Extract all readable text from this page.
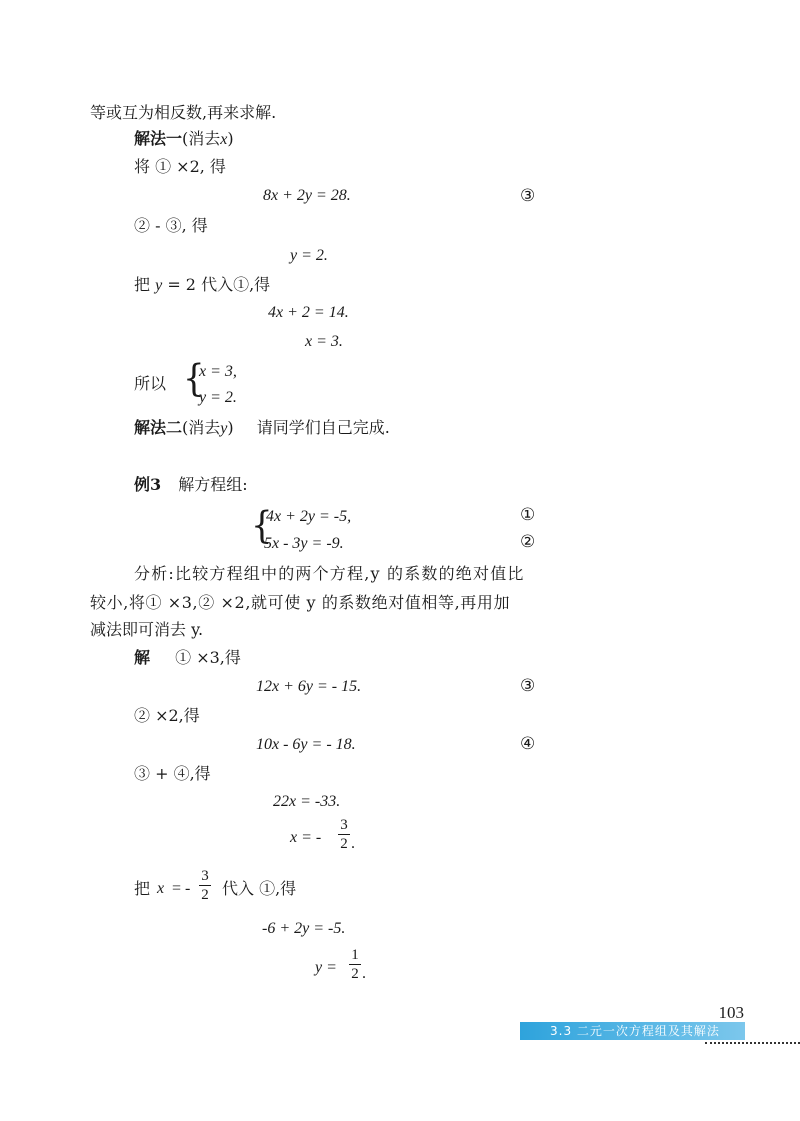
等或互为相反数,再来求解.
解法一(消去x)
将 ① ×2, 得
8x + 2y = 28.	③
② - ③, 得
y = 2.
把 y = 2 代入①,得
4x + 2 = 14.
x = 3.
所以 {
x = 3,
y = 2.
解法二(消去y) 请同学们自己完成.
例3 解方程组:
{
4x + 2y = -5,	①
5x - 3y = -9.	②
分析:比较方程组中的两个方程,y 的系数的绝对值比
较小,将① ×3,② ×2,就可使 y 的系数绝对值相等,再用加
减法即可消去 y.
解 ① ×3,得
12x + 6y = - 15.	③
② ×2,得
10x - 6y = - 18.	④
③ + ④,得
22x = -33.
x = -
3
2 .
把 x = -
3
2 代入 ①,得
-6 + 2y = -5.
y =
1
2 .
103
3.3 二元一次方程组及其解法
